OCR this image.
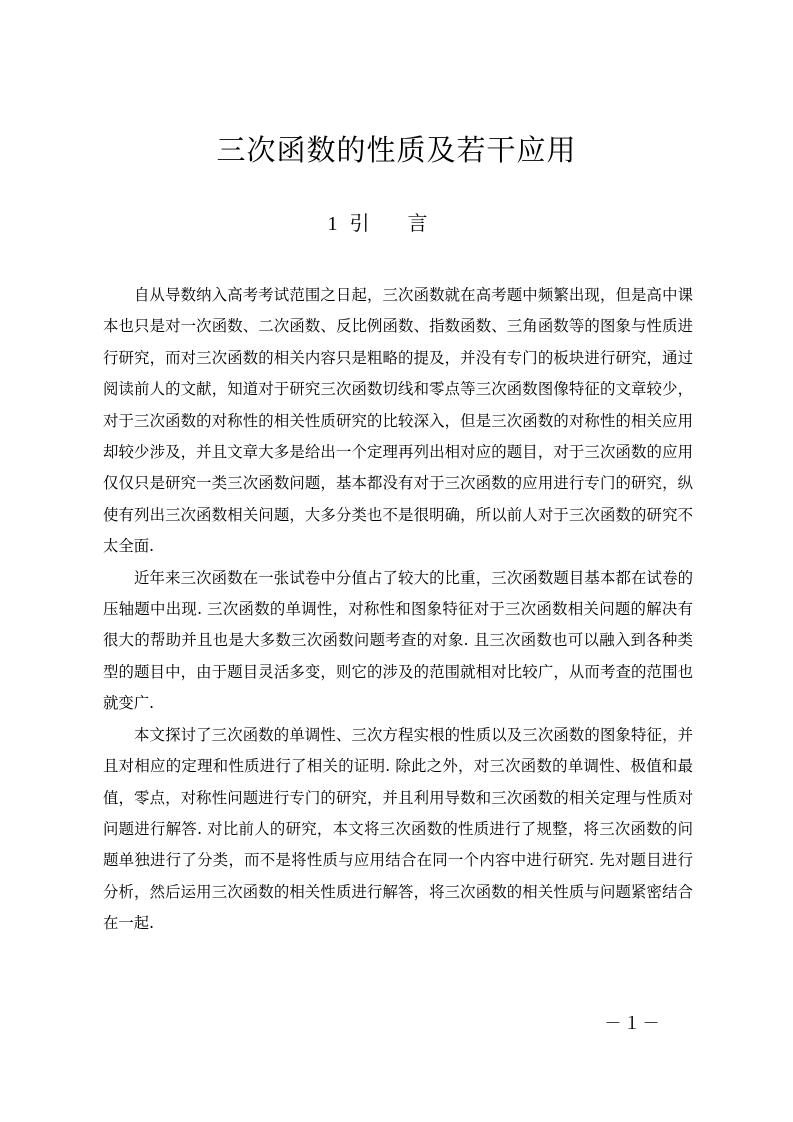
三次函数的性质及若干应用
1 引言

自从导数纳入高考考试范围之日起，三次函数就在高考题中频繁出现，但是高中课本也只是对一次函数、二次函数、反比例函数、指数函数、三角函数等的图象与性质进行研究，而对三次函数的相关内容只是粗略的提及，并没有专门的板块进行研究，通过阅读前人的文献，知道对于研究三次函数切线和零点等三次函数图像特征的文章较少，对于三次函数的对称性的相关性质研究的比较深入，但是三次函数的对称性的相关应用却较少涉及，并且文章大多是给出一个定理再列出相对应的题目，对于三次函数的应用仅仅只是研究一类三次函数问题，基本都没有对于三次函数的应用进行专门的研究，纵使有列出三次函数相关问题，大多分类也不是很明确，所以前人对于三次函数的研究不太全面.

近年来三次函数在一张试卷中分值占了较大的比重，三次函数题目基本都在试卷的压轴题中出现. 三次函数的单调性，对称性和图象特征对于三次函数相关问题的解决有很大的帮助并且也是大多数三次函数问题考查的对象. 且三次函数也可以融入到各种类型的题目中，由于题目灵活多变，则它的涉及的范围就相对比较广，从而考查的范围也就变广.

本文探讨了三次函数的单调性、三次方程实根的性质以及三次函数的图象特征，并且对相应的定理和性质进行了相关的证明. 除此之外，对三次函数的单调性、极值和最值，零点，对称性问题进行专门的研究，并且利用导数和三次函数的相关定理与性质对问题进行解答. 对比前人的研究，本文将三次函数的性质进行了规整，将三次函数的问题单独进行了分类，而不是将性质与应用结合在同一个内容中进行研究. 先对题目进行分析，然后运用三次函数的相关性质进行解答，将三次函数的相关性质与问题紧密结合在一起.

－１－
